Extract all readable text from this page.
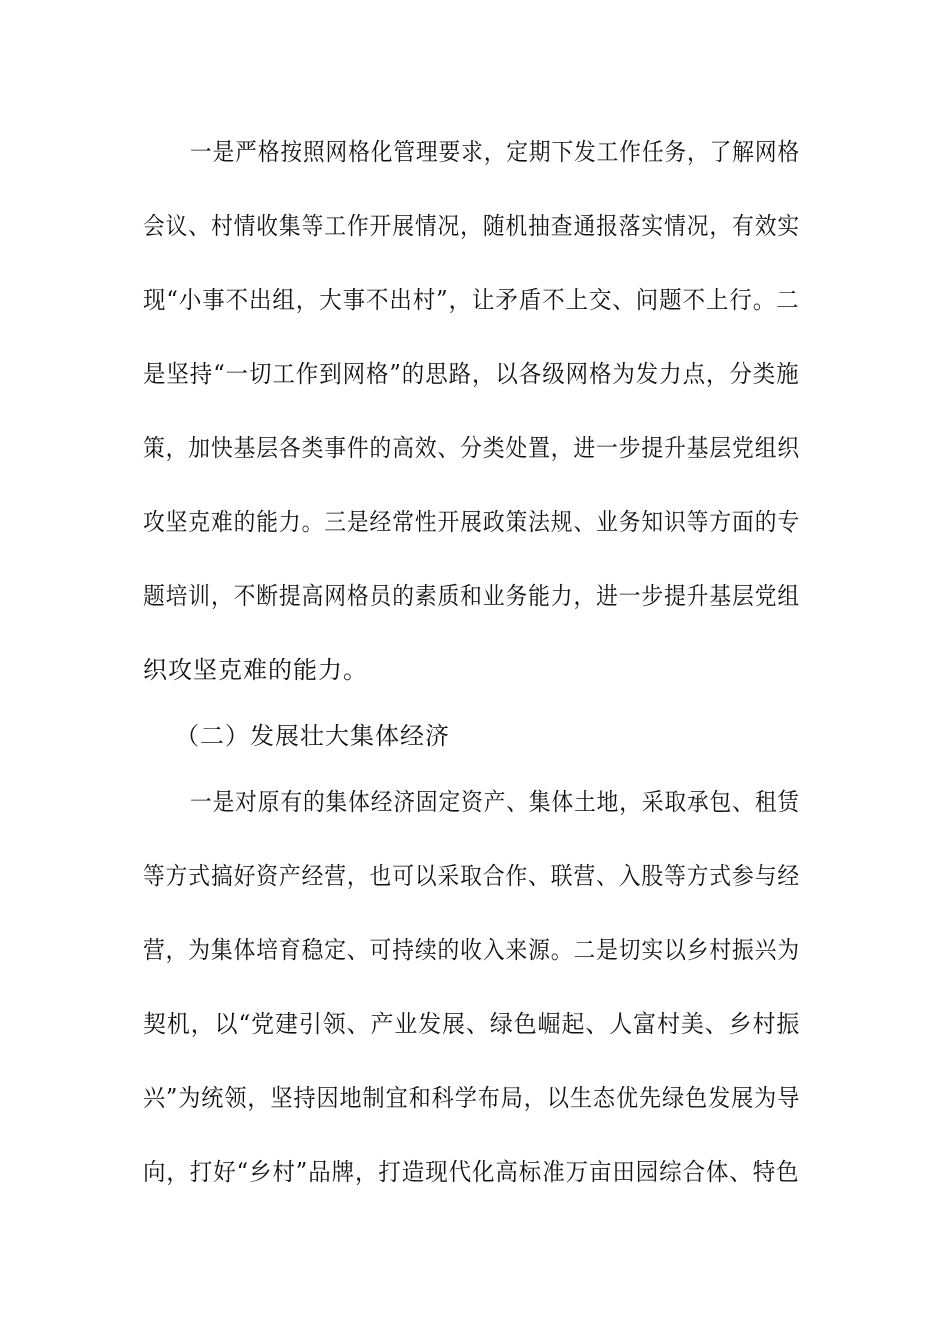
一是严格按照网格化管理要求，定期下发工作任务，了解网格

会议、村情收集等工作开展情况，随机抽查通报落实情况，有效实

现“小事不出组，大事不出村”，让矛盾不上交、问题不上行。二

是坚持“一切工作到网格”的思路，以各级网格为发力点，分类施

策，加快基层各类事件的高效、分类处置，进一步提升基层党组织

攻坚克难的能力。三是经常性开展政策法规、业务知识等方面的专

题培训，不断提高网格员的素质和业务能力，进一步提升基层党组

织攻坚克难的能力。

（二）发展壮大集体经济

一是对原有的集体经济固定资产、集体土地，采取承包、租赁

等方式搞好资产经营，也可以采取合作、联营、入股等方式参与经

营，为集体培育稳定、可持续的收入来源。二是切实以乡村振兴为

契机，以“党建引领、产业发展、绿色崛起、人富村美、乡村振

兴”为统领，坚持因地制宜和科学布局，以生态优先绿色发展为导

向，打好“乡村”品牌，打造现代化高标准万亩田园综合体、特色
